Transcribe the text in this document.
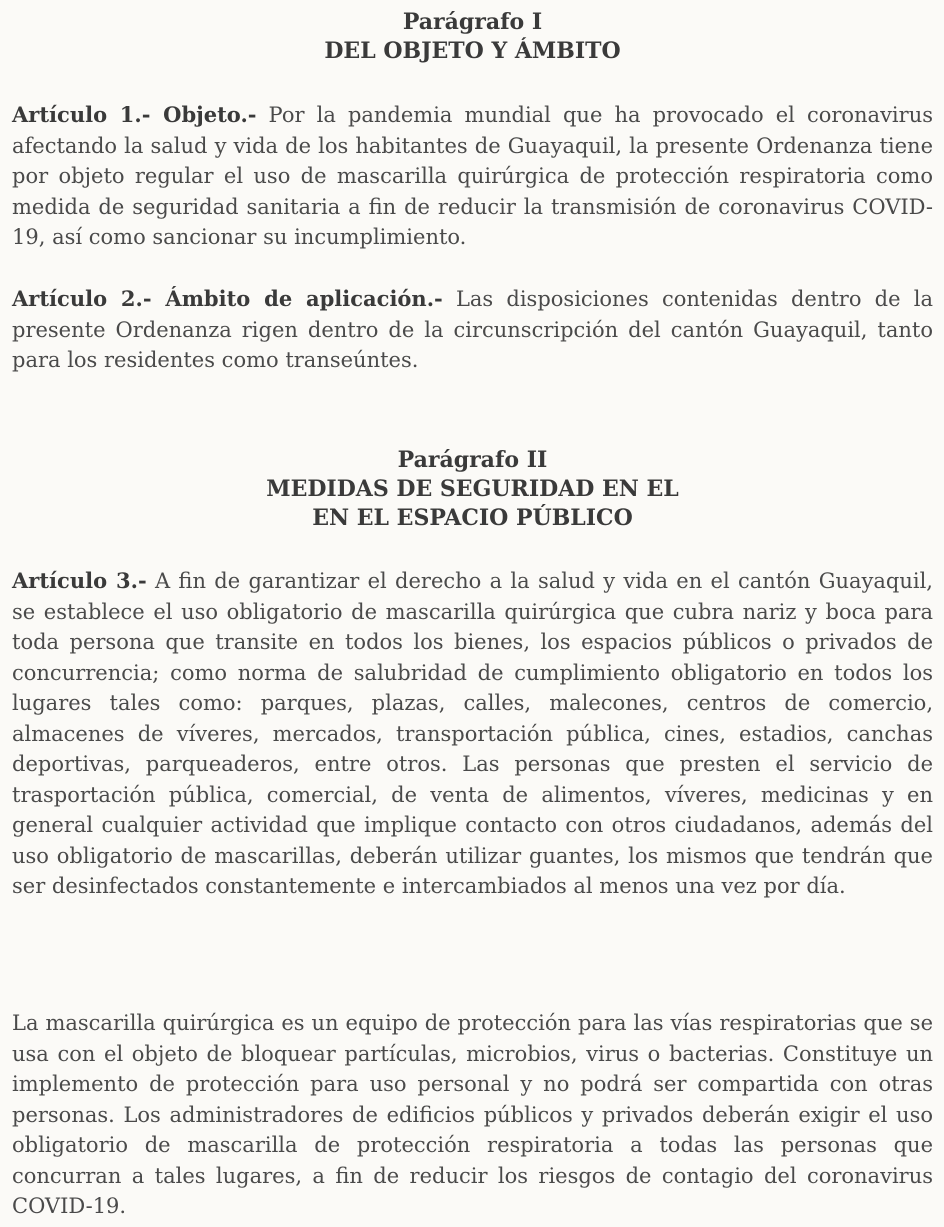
Parágrafo I
DEL OBJETO Y ÁMBITO

Artículo 1.- Objeto.- Por la pandemia mundial que ha provocado el coronavirus afectando la salud y vida de los habitantes de Guayaquil, la presente Ordenanza tiene por objeto regular el uso de mascarilla quirúrgica de protección respiratoria como medida de seguridad sanitaria a fin de reducir la transmisión de coronavirus COVID-19, así como sancionar su incumplimiento.

Artículo 2.- Ámbito de aplicación.- Las disposiciones contenidas dentro de la presente Ordenanza rigen dentro de la circunscripción del cantón Guayaquil, tanto para los residentes como transeúntes.

Parágrafo II
MEDIDAS DE SEGURIDAD EN EL
EN EL ESPACIO PÚBLICO

Artículo 3.- A fin de garantizar el derecho a la salud y vida en el cantón Guayaquil, se establece el uso obligatorio de mascarilla quirúrgica que cubra nariz y boca para toda persona que transite en todos los bienes, los espacios públicos o privados de concurrencia; como norma de salubridad de cumplimiento obligatorio en todos los lugares tales como: parques, plazas, calles, malecones, centros de comercio, almacenes de víveres, mercados, transportación pública, cines, estadios, canchas deportivas, parqueaderos, entre otros. Las personas que presten el servicio de trasportación pública, comercial, de venta de alimentos, víveres, medicinas y en general cualquier actividad que implique contacto con otros ciudadanos, además del uso obligatorio de mascarillas, deberán utilizar guantes, los mismos que tendrán que ser desinfectados constantemente e intercambiados al menos una vez por día.

La mascarilla quirúrgica es un equipo de protección para las vías respiratorias que se usa con el objeto de bloquear partículas, microbios, virus o bacterias. Constituye un implemento de protección para uso personal y no podrá ser compartida con otras personas. Los administradores de edificios públicos y privados deberán exigir el uso obligatorio de mascarilla de protección respiratoria a todas las personas que concurran a tales lugares, a fin de reducir los riesgos de contagio del coronavirus COVID-19.
